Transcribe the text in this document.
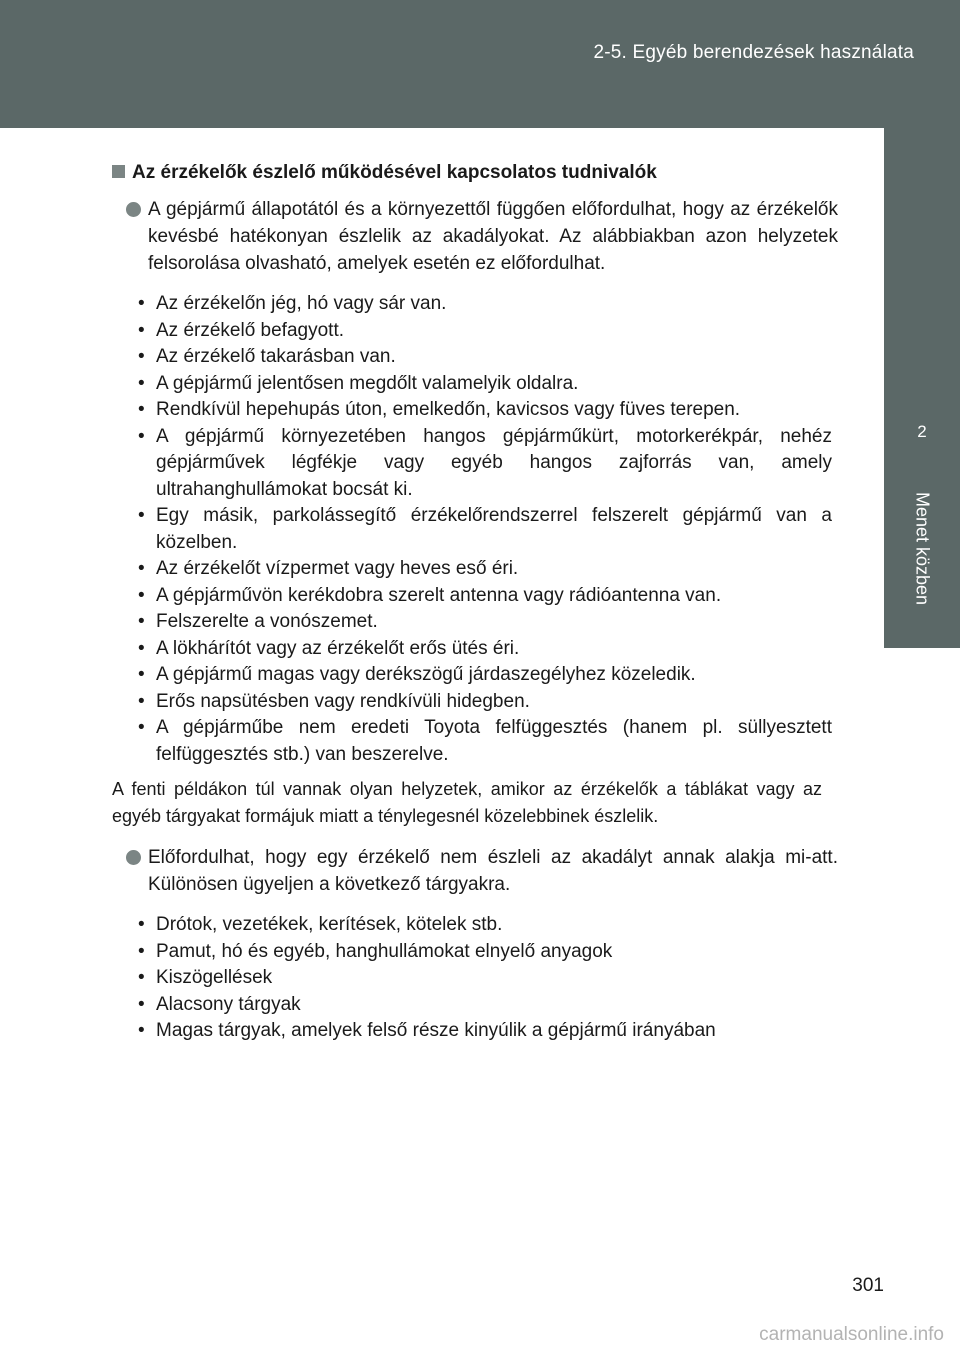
2-5. Egyéb berendezések használata
2
Menet közben
Az érzékelők észlelő működésével kapcsolatos tudnivalók
A gépjármű állapotától és a környezettől függően előfordulhat, hogy az érzékelők kevésbé hatékonyan észlelik az akadályokat. Az alábbiakban azon helyzetek felsorolása olvasható, amelyek esetén ez előfordulhat.
• Az érzékelőn jég, hó vagy sár van.
• Az érzékelő befagyott.
• Az érzékelő takarásban van.
• A gépjármű jelentősen megdőlt valamelyik oldalra.
• Rendkívül hepehupás úton, emelkedőn, kavicsos vagy füves terepen.
• A gépjármű környezetében hangos gépjárműkürt, motorkerékpár, nehéz gépjárművek légfékje vagy egyéb hangos zajforrás van, amely ultrahanghullámokat bocsát ki.
• Egy másik, parkolássegítő érzékelőrendszerrel felszerelt gépjármű van a közelben.
• Az érzékelőt vízpermet vagy heves eső éri.
• A gépjárművön kerékdobra szerelt antenna vagy rádióantenna van.
• Felszerelte a vonószemet.
• A lökhárítót vagy az érzékelőt erős ütés éri.
• A gépjármű magas vagy derékszögű járdaszegélyhez közeledik.
• Erős napsütésben vagy rendkívüli hidegben.
• A gépjárműbe nem eredeti Toyota felfüggesztés (hanem pl. süllyesztett felfüggesztés stb.) van beszerelve.
A fenti példákon túl vannak olyan helyzetek, amikor az érzékelők a táblákat vagy az egyéb tárgyakat formájuk miatt a ténylegesnél közelebbinek észlelik.
Előfordulhat, hogy egy érzékelő nem észleli az akadályt annak alakja mi-att. Különösen ügyeljen a következő tárgyakra.
• Drótok, vezetékek, kerítések, kötelek stb.
• Pamut, hó és egyéb, hanghullámokat elnyelő anyagok
• Kiszögellések
• Alacsony tárgyak
• Magas tárgyak, amelyek felső része kinyúlik a gépjármű irányában
301
carmanualsonline.info
